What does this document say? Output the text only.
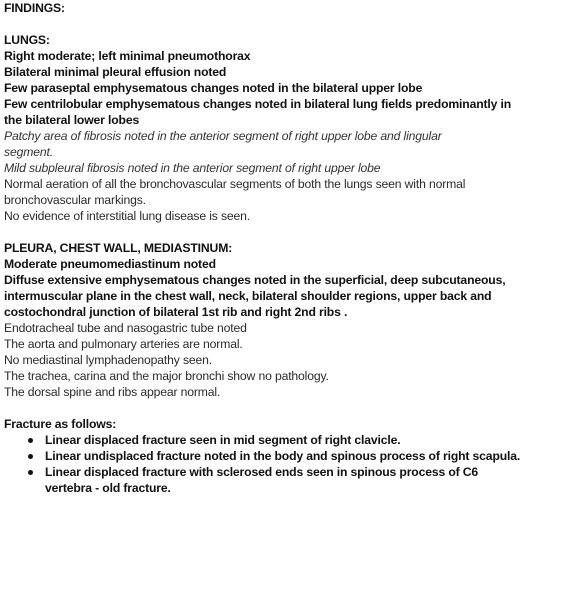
FINDINGS:
LUNGS:
Right moderate; left minimal pneumothorax
Bilateral minimal pleural effusion noted
Few paraseptal emphysematous changes noted in the bilateral upper lobe
Few centrilobular emphysematous changes noted in bilateral lung fields predominantly in
the bilateral lower lobes
Patchy area of fibrosis noted in the anterior segment of right upper lobe and lingular
segment.
Mild subpleural fibrosis noted in the anterior segment of right upper lobe
Normal aeration of all the bronchovascular segments of both the lungs seen with normal
bronchovascular markings.
No evidence of interstitial lung disease is seen.
PLEURA, CHEST WALL, MEDIASTINUM:
Moderate pneumomediastinum noted
Diffuse extensive emphysematous changes noted in the superficial, deep subcutaneous,
intermuscular plane in the chest wall, neck, bilateral shoulder regions, upper back and
costochondral junction of bilateral 1st rib and right 2nd ribs .
Endotracheal tube and nasogastric tube noted
The aorta and pulmonary arteries are normal.
No mediastinal lymphadenopathy seen.
The trachea, carina and the major bronchi show no pathology.
The dorsal spine and ribs appear normal.
Fracture as follows:
Linear displaced fracture seen in mid segment of right clavicle.
Linear undisplaced fracture noted in the body and spinous process of right scapula.
Linear displaced fracture with sclerosed ends seen in spinous process of C6
vertebra - old fracture.
